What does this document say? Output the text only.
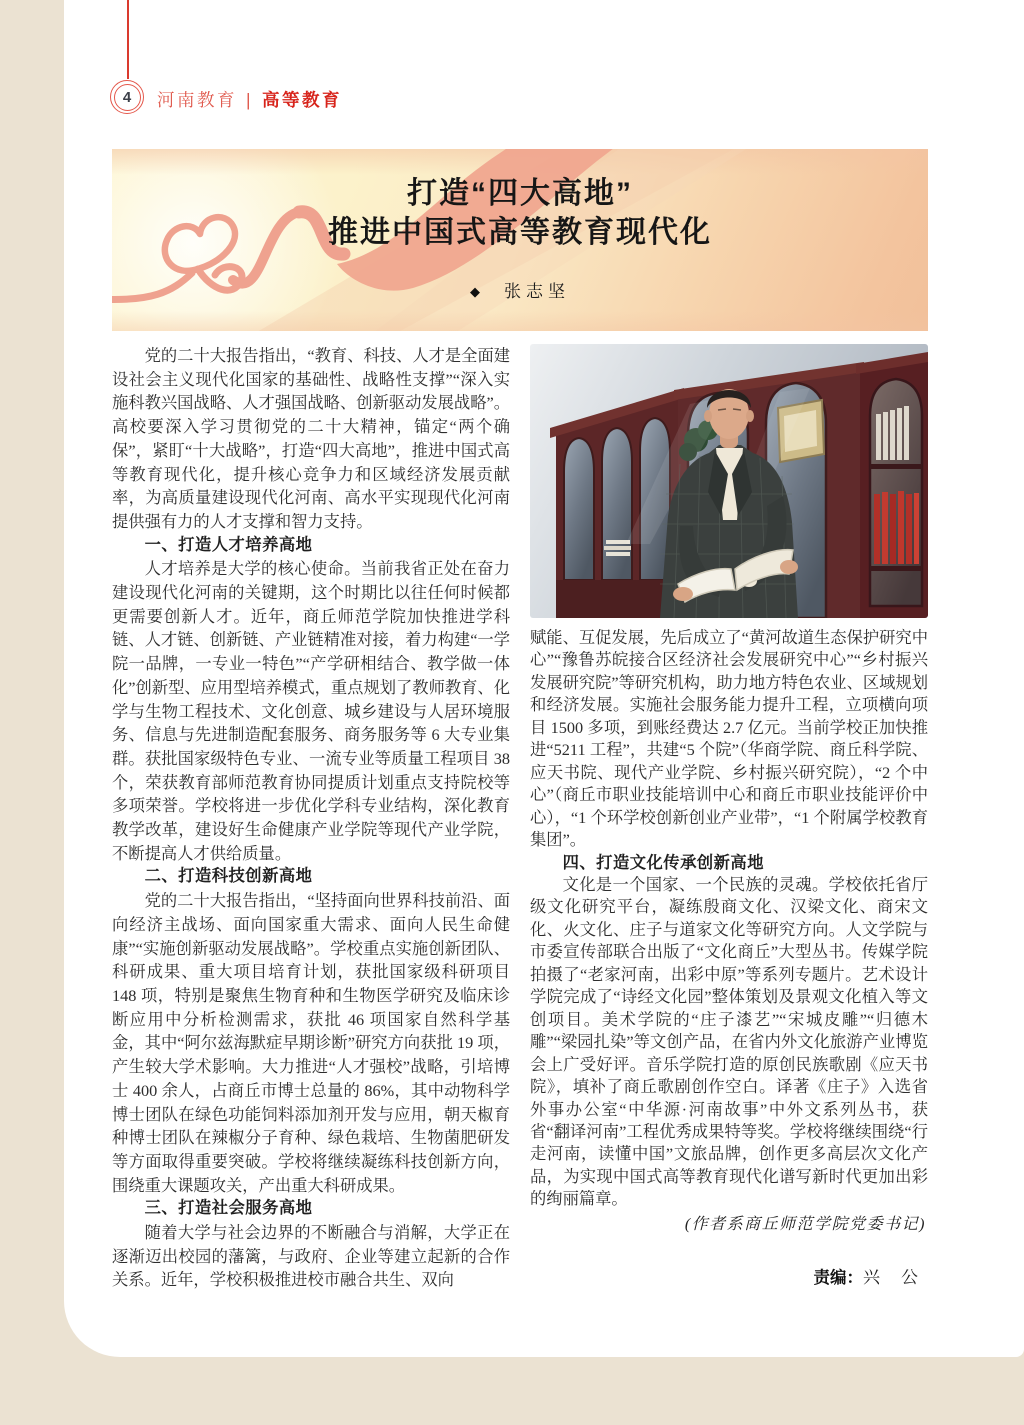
4	河南教育 | 高等教育
打造“四大高地”
推进中国式高等教育现代化
◆ 张志坚
党的二十大报告指出，“教育、科技、人才是全面建设社会主义现代化国家的基础性、战略性支撑”“深入实施科教兴国战略、人才强国战略、创新驱动发展战略”。高校要深入学习贯彻党的二十大精神，锚定“两个确保”，紧盯“十大战略”，打造“四大高地”，推进中国式高等教育现代化，提升核心竞争力和区域经济发展贡献率，为高质量建设现代化河南、高水平实现现代化河南提供强有力的人才支撑和智力支持。
一、打造人才培养高地
人才培养是大学的核心使命。当前我省正处在奋力建设现代化河南的关键期，这个时期比以往任何时候都更需要创新人才。近年，商丘师范学院加快推进学科链、人才链、创新链、产业链精准对接，着力构建“一学院一品牌，一专业一特色”“产学研相结合、教学做一体化”创新型、应用型培养模式，重点规划了教师教育、化学与生物工程技术、文化创意、城乡建设与人居环境服务、信息与先进制造配套服务、商务服务等 6 大专业集群。获批国家级特色专业、一流专业等质量工程项目 38 个，荣获教育部师范教育协同提质计划重点支持院校等多项荣誉。学校将进一步优化学科专业结构，深化教育教学改革，建设好生命健康产业学院等现代产业学院，不断提高人才供给质量。
二、打造科技创新高地
党的二十大报告指出，“坚持面向世界科技前沿、面向经济主战场、面向国家重大需求、面向人民生命健康”“实施创新驱动发展战略”。学校重点实施创新团队、科研成果、重大项目培育计划，获批国家级科研项目 148 项，特别是聚焦生物育种和生物医学研究及临床诊断应用中分析检测需求，获批 46 项国家自然科学基金，其中“阿尔兹海默症早期诊断”研究方向获批 19 项，产生较大学术影响。大力推进“人才强校”战略，引培博士 400 余人，占商丘市博士总量的 86%，其中动物科学博士团队在绿色功能饲料添加剂开发与应用，朝天椒育种博士团队在辣椒分子育种、绿色栽培、生物菌肥研发等方面取得重要突破。学校将继续凝练科技创新方向，围绕重大课题攻关，产出重大科研成果。
三、打造社会服务高地
随着大学与社会边界的不断融合与消解，大学正在逐渐迈出校园的藩篱，与政府、企业等建立起新的合作关系。近年，学校积极推进校市融合共生、双向
赋能、互促发展，先后成立了“黄河故道生态保护研究中心”“豫鲁苏皖接合区经济社会发展研究中心”“乡村振兴发展研究院”等研究机构，助力地方特色农业、区域规划和经济发展。实施社会服务能力提升工程，立项横向项目 1500 多项，到账经费达 2.7 亿元。当前学校正加快推进“5211 工程”，共建“5 个院”（华商学院、商丘科学院、应天书院、现代产业学院、乡村振兴研究院），“2 个中心”（商丘市职业技能培训中心和商丘市职业技能评价中心），“1 个环学校创新创业产业带”，“1 个附属学校教育集团”。
四、打造文化传承创新高地
文化是一个国家、一个民族的灵魂。学校依托省厅级文化研究平台，凝练殷商文化、汉梁文化、商宋文化、火文化、庄子与道家文化等研究方向。人文学院与市委宣传部联合出版了“文化商丘”大型丛书。传媒学院拍摄了“老家河南，出彩中原”等系列专题片。艺术设计学院完成了“诗经文化园”整体策划及景观文化植入等文创项目。美术学院的“庄子漆艺”“宋城皮雕”“归德木雕”“梁园扎染”等文创产品，在省内外文化旅游产业博览会上广受好评。音乐学院打造的原创民族歌剧《应天书院》，填补了商丘歌剧创作空白。译著《庄子》入选省外事办公室“中华源·河南故事”中外文系列丛书，获省“翻译河南”工程优秀成果特等奖。学校将继续围绕“行走河南，读懂中国”文旅品牌，创作更多高层次文化产品，为实现中国式高等教育现代化谱写新时代更加出彩的绚丽篇章。
(作者系商丘师范学院党委书记)
责编：兴　公
